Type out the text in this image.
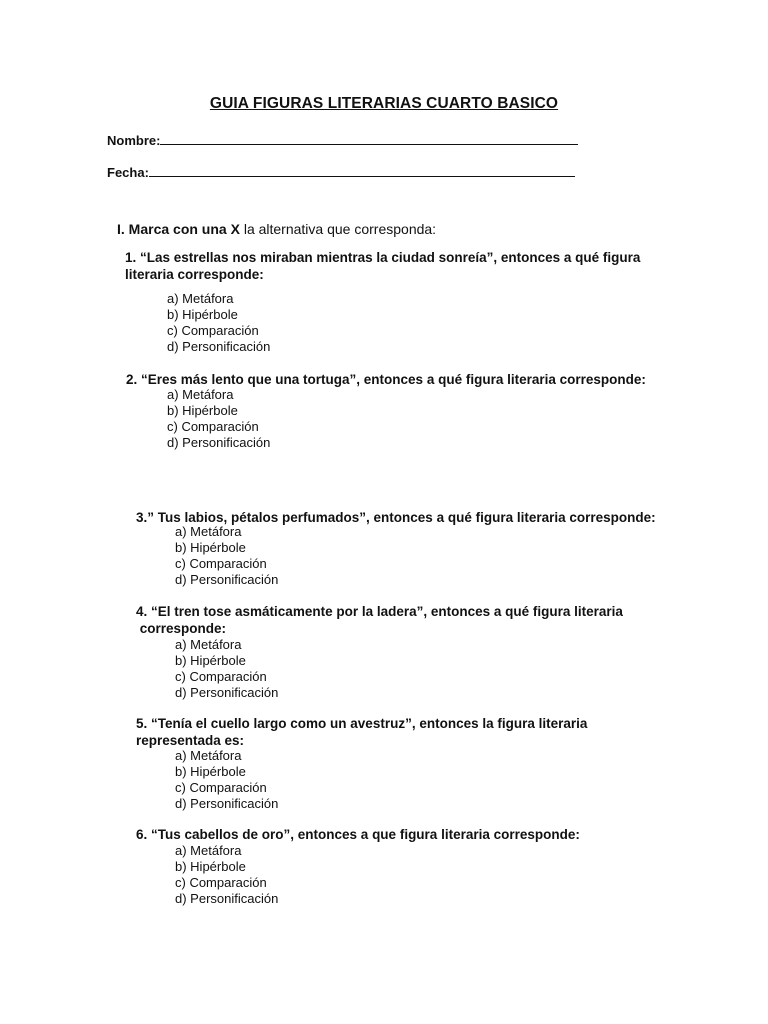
GUIA FIGURAS LITERARIAS CUARTO BASICO
Nombre:
Fecha:
I. Marca con una X la alternativa que corresponda:
1. “Las estrellas nos miraban mientras la ciudad sonreía”, entonces a qué figura
literaria corresponde:
a) Metáfora
b) Hipérbole
c) Comparación
d) Personificación
2. “Eres más lento que una tortuga”, entonces a qué figura literaria corresponde:
a) Metáfora
b) Hipérbole
c) Comparación
d) Personificación
3.” Tus labios, pétalos perfumados”, entonces a qué figura literaria corresponde:
a) Metáfora
b) Hipérbole
c) Comparación
d) Personificación
4. “El tren tose asmáticamente por la ladera”, entonces a qué figura literaria
corresponde:
a) Metáfora
b) Hipérbole
c) Comparación
d) Personificación
5. “Tenía el cuello largo como un avestruz”, entonces la figura literaria
representada es:
a) Metáfora
b) Hipérbole
c) Comparación
d) Personificación
6. “Tus cabellos de oro”, entonces a que figura literaria corresponde:
a) Metáfora
b) Hipérbole
c) Comparación
d) Personificación
